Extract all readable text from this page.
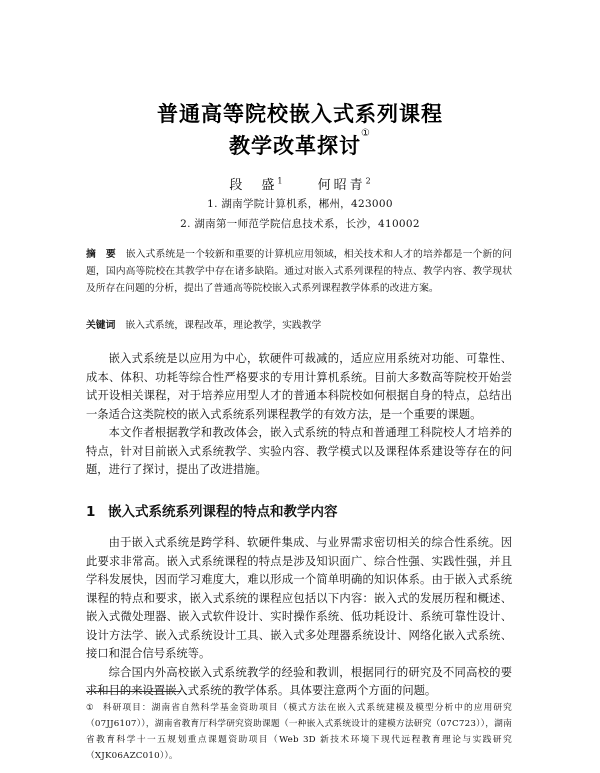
普通高等院校嵌入式系列课程
教学改革探讨①
段　盛$^1$	何昭青$^2$
1. 湖南学院计算机系，郴州，423000
2. 湖南第一师范学院信息技术系，长沙，410002
摘　要 嵌入式系统是一个较新和重要的计算机应用领域，相关技术和人才的培养都是一个新的问题，国内高等院校在其教学中存在诸多缺陷。通过对嵌入式系列课程的特点、教学内容、教学现状及所存在问题的分析，提出了普通高等院校嵌入式系列课程教学体系的改进方案。
关键词 嵌入式系统，课程改革，理论教学，实践教学

嵌入式系统是以应用为中心，软硬件可裁减的，适应应用系统对功能、可靠性、成本、体积、功耗等综合性严格要求的专用计算机系统。目前大多数高等院校开始尝试开设相关课程，对于培养应用型人才的普通本科院校如何根据自身的特点，总结出一条适合这类院校的嵌入式系统系列课程教学的有效方法，是一个重要的课题。

本文作者根据教学和教改体会，嵌入式系统的特点和普通理工科院校人才培养的特点，针对目前嵌入式系统教学、实验内容、教学模式以及课程体系建设等存在的问题，进行了探讨，提出了改进措施。

1 嵌入式系统系列课程的特点和教学内容

由于嵌入式系统是跨学科、软硬件集成、与业界需求密切相关的综合性系统。因此要求非常高。嵌入式系统课程的特点是涉及知识面广、综合性强、实践性强，并且学科发展快，因而学习难度大，难以形成一个简单明确的知识体系。由于嵌入式系统课程的特点和要求，嵌入式系统的课程应包括以下内容：嵌入式的发展历程和概述、嵌入式微处理器、嵌入式软件设计、实时操作系统、低功耗设计、系统可靠性设计、设计方法学、嵌入式系统设计工具、嵌入式多处理器系统设计、网络化嵌入式系统、接口和混合信号系统等。

综合国内外高校嵌入式系统教学的经验和教训，根据同行的研究及不同高校的要求和目的来设置嵌入式系统的教学体系。具体要注意两个方面的问题。

① 科研项目：湖南省自然科学基金资助项目（模式方法在嵌入式系统建模及模型分析中的应用研究（07JJ6107）），湖南省教育厅科学研究资助课题（一种嵌入式系统设计的建模方法研究（07C723）），湖南省教育科学十一五规划重点课题资助项目（Web 3D 新技术环境下现代远程教育理论与实践研究（XJK06AZC010））。
